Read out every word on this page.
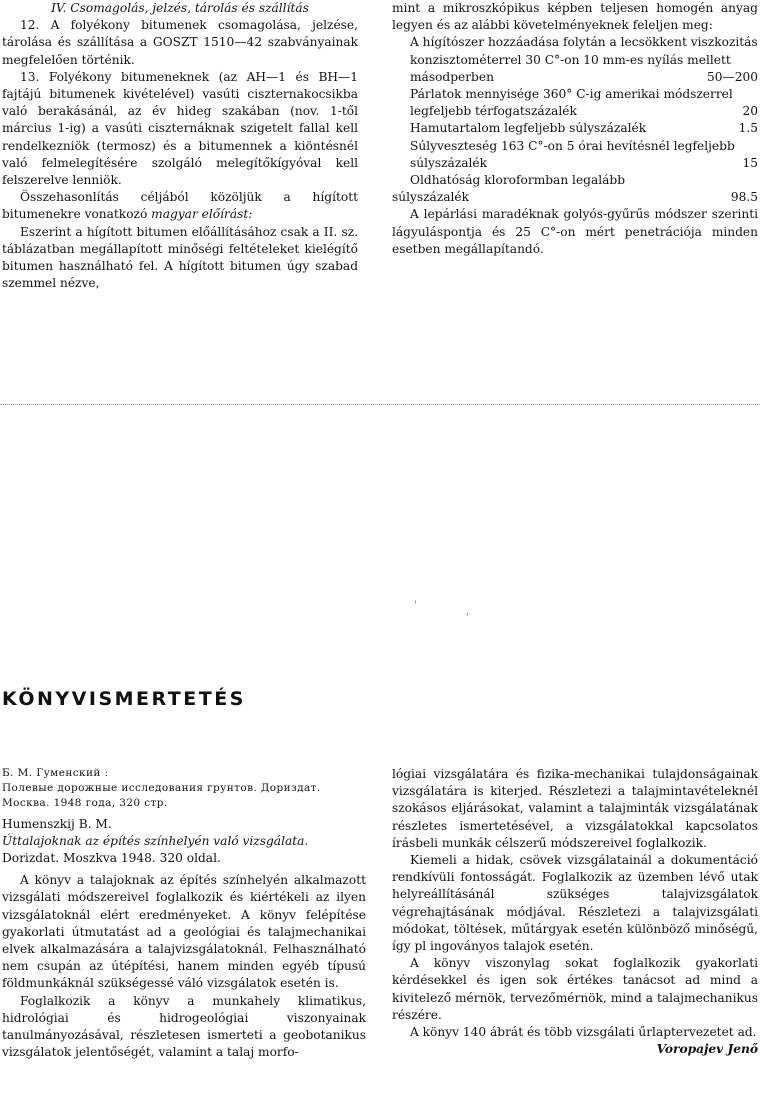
IV. Csomagolás, jelzés, tárolás és szállítás

12. A folyékony bitumenek csomagolása, jelzése, tárolása és szállítása a GOSZT 1510—42 szabványainak megfelelően történik.

13. Folyékony bitumeneknek (az AH—1 és BH—1 fajtájú bitumenek kivételével) vasúti ciszternakocsikba való berakásánál, az év hideg szakában (nov. 1-től március 1-ig) a vasúti ciszternáknak szigetelt fallal kell rendelkezniök (termosz) és a bitumennek a kiöntésnél való felmelegítésére szolgáló melegítőkígyóval kell felszerelve lenniök.

Összehasonlítás céljából közöljük a hígított bitumenekre vonatkozó magyar előírást:

Eszerint a hígított bitumen előállításához csak a II. sz. táblázatban megállapított minőségi feltételeket kielégítő bitumen használható fel. A hígított bitumen úgy szabad szemmel nézve,

mint a mikroszkópikus képben teljesen homogén anyag legyen és az alábbi követelményeknek feleljen meg:

A hígítószer hozzáadása folytán a lecsökkent viszkozitás konzisztométerrel 30 C°-on 10 mm-es nyílás mellett másodperben	50—200
Párlatok mennyisége 360° C-ig amerikai módszerrel legfeljebb térfogatszázalék	20
Hamutartalom legfeljebb súlyszázalék	1.5
Súlyveszteség 163 C°-on 5 órai hevítésnél legfeljebb súlyszázalék	15
Oldhatóság kloroformban legalább
súlyszázalék	98.5

A lepárlási maradéknak golyós-gyűrűs módszer szerinti lágyuláspontja és 25 C°-on mért penetrációja minden esetben megállapítandó.

'
,
KÖNYVISMERTETÉS
Б. М. Гуменский :
Полевые дорожные исследования грунтов. Дориздат. Москва. 1948 года, 320 стр.
Humenszkij B. M.
Úttalajoknak az építés színhelyén való vizsgálata.
Dorizdat. Moszkva 1948. 320 oldal.

A könyv a talajoknak az építés színhelyén alkalmazott vizsgálati módszereivel foglalkozik és kiértékeli az ilyen vizsgálatoknál elért eredményeket. A könyv felépítése gyakorlati útmutatást ad a geológiai és talajmechanikai elvek alkalmazására a talajvizsgálatoknál. Felhasználható nem csupán az útépítési, hanem minden egyéb típusú földmunkáknál szükségessé váló vizsgálatok esetén is.

Foglalkozik a könyv a munkahely klimatikus, hidrológiai és hidrogeológiai viszonyainak tanulmányozásával, részletesen ismerteti a geobotanikus vizsgálatok jelentőségét, valamint a talaj morfo-

lógiai vizsgálatára és fizika-mechanikai tulajdonságainak vizsgálatára is kiterjed. Részletezi a talajmintavételeknél szokásos eljárásokat, valamint a talajminták vizsgálatának részletes ismertetésével, a vizsgálatokkal kapcsolatos írásbeli munkák célszerű módszereivel foglalkozik.

Kiemeli a hidak, csövek vizsgálatainál a dokumentáció rendkívüli fontosságát. Foglalkozik az üzemben lévő utak helyreállításánál szükséges talajvizsgálatok végrehajtásának módjával. Részletezi a talajvizsgálati módokat, töltések, műtárgyak esetén különböző minőségű, így pl ingoványos talajok esetén.

A könyv viszonylag sokat foglalkozik gyakorlati kérdésekkel és igen sok értékes tanácsot ad mind a kivitelező mérnök, tervezőmérnök, mind a talajmechanikus részére.

A könyv 140 ábrát és több vizsgálati űrlaptervezetet ad.

Voropajev Jenő
